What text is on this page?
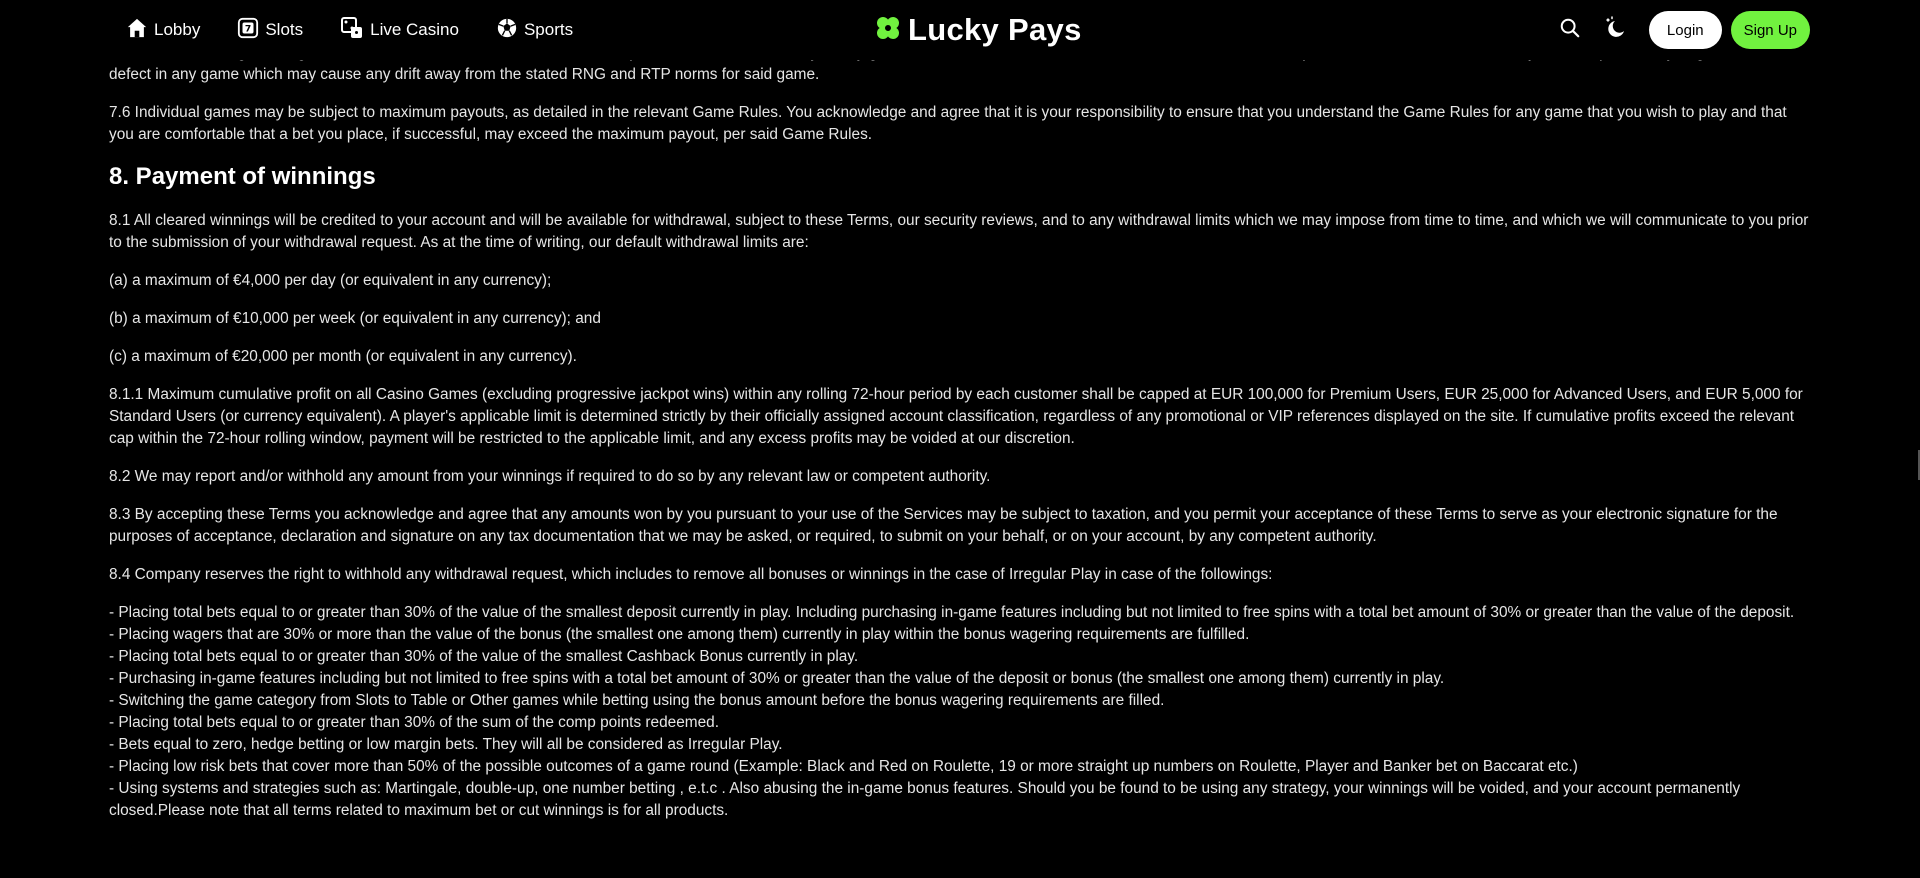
defect in any game which may cause any drift away from the stated RNG and RTP norms for said game.

7.6 Individual games may be subject to maximum payouts, as detailed in the relevant Game Rules. You acknowledge and agree that it is your responsibility to ensure that you understand the Game Rules for any game that you wish to play and that you are comfortable that a bet you place, if successful, may exceed the maximum payout, per said Game Rules.

8. Payment of winnings

8.1 All cleared winnings will be credited to your account and will be available for withdrawal, subject to these Terms, our security reviews, and to any withdrawal limits which we may impose from time to time, and which we will communicate to you prior to the submission of your withdrawal request. As at the time of writing, our default withdrawal limits are:

(a) a maximum of €4,000 per day (or equivalent in any currency);

(b) a maximum of €10,000 per week (or equivalent in any currency); and

(c) a maximum of €20,000 per month (or equivalent in any currency).

8.1.1 Maximum cumulative profit on all Casino Games (excluding progressive jackpot wins) within any rolling 72-hour period by each customer shall be capped at EUR 100,000 for Premium Users, EUR 25,000 for Advanced Users, and EUR 5,000 for Standard Users (or currency equivalent). A player's applicable limit is determined strictly by their officially assigned account classification, regardless of any promotional or VIP references displayed on the site. If cumulative profits exceed the relevant cap within the 72-hour rolling window, payment will be restricted to the applicable limit, and any excess profits may be voided at our discretion.

8.2 We may report and/or withhold any amount from your winnings if required to do so by any relevant law or competent authority.

8.3 By accepting these Terms you acknowledge and agree that any amounts won by you pursuant to your use of the Services may be subject to taxation, and you permit your acceptance of these Terms to serve as your electronic signature for the purposes of acceptance, declaration and signature on any tax documentation that we may be asked, or required, to submit on your behalf, or on your account, by any competent authority.

8.4 Company reserves the right to withhold any withdrawal request, which includes to remove all bonuses or winnings in the case of Irregular Play in case of the followings:

- Placing total bets equal to or greater than 30% of the value of the smallest deposit currently in play. Including purchasing in-game features including but not limited to free spins with a total bet amount of 30% or greater than the value of the deposit.
- Placing wagers that are 30% or more than the value of the bonus (the smallest one among them) currently in play within the bonus wagering requirements are fulfilled.
- Placing total bets equal to or greater than 30% of the value of the smallest Cashback Bonus currently in play.
- Purchasing in-game features including but not limited to free spins with a total bet amount of 30% or greater than the value of the deposit or bonus (the smallest one among them) currently in play.
- Switching the game category from Slots to Table or Other games while betting using the bonus amount before the bonus wagering requirements are filled.
- Placing total bets equal to or greater than 30% of the sum of the comp points redeemed.
- Bets equal to zero, hedge betting or low margin bets. They will all be considered as Irregular Play.
- Placing low risk bets that cover more than 50% of the possible outcomes of a game round (Example: Black and Red on Roulette, 19 or more straight up numbers on Roulette, Player and Banker bet on Baccarat etc.)
- Using systems and strategies such as: Martingale, double-up, one number betting , e.t.c . Also abusing the in-game bonus features. Should you be found to be using any strategy, your winnings will be voided, and your account permanently closed.Please note that all terms related to maximum bet or cut winnings is for all products.
Lobby	7 Slots	Live Casino	Sports	Lucky Pays	Login	Sign Up
